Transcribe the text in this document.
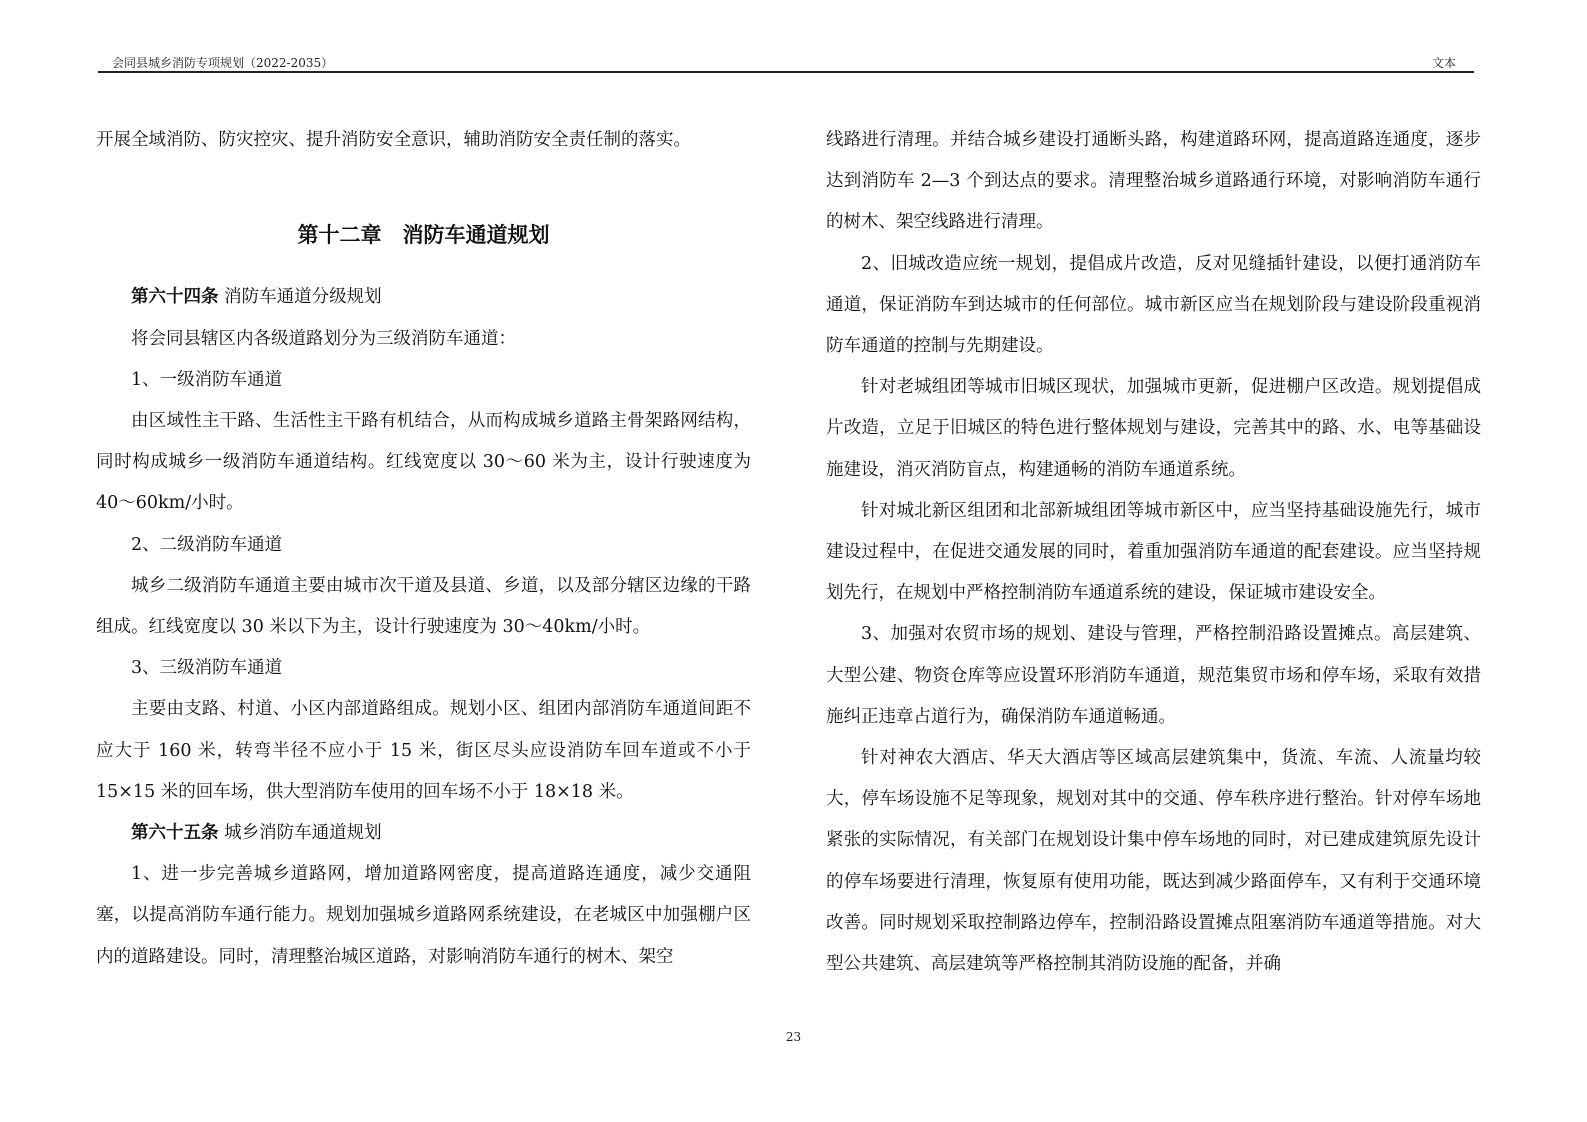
会同县城乡消防专项规划（2022-2035）	文本

开展全域消防、防灾控灾、提升消防安全意识，辅助消防安全责任制的落实。

第十二章　消防车通道规划

第六十四条 消防车通道分级规划

将会同县辖区内各级道路划分为三级消防车通道：

1、一级消防车通道

由区域性主干路、生活性主干路有机结合，从而构成城乡道路主骨架路网结构，同时构成城乡一级消防车通道结构。红线宽度以 30～60 米为主，设计行驶速度为 40～60km/小时。

2、二级消防车通道

城乡二级消防车通道主要由城市次干道及县道、乡道，以及部分辖区边缘的干路组成。红线宽度以 30 米以下为主，设计行驶速度为 30～40km/小时。

3、三级消防车通道

主要由支路、村道、小区内部道路组成。规划小区、组团内部消防车通道间距不应大于 160 米，转弯半径不应小于 15 米，街区尽头应设消防车回车道或不小于 15×15 米的回车场，供大型消防车使用的回车场不小于 18×18 米。

第六十五条 城乡消防车通道规划

1、进一步完善城乡道路网，增加道路网密度，提高道路连通度，减少交通阻塞，以提高消防车通行能力。规划加强城乡道路网系统建设，在老城区中加强棚户区内的道路建设。同时，清理整治城区道路，对影响消防车通行的树木、架空

线路进行清理。并结合城乡建设打通断头路，构建道路环网，提高道路连通度，逐步达到消防车 2—3 个到达点的要求。清理整治城乡道路通行环境，对影响消防车通行的树木、架空线路进行清理。

2、旧城改造应统一规划，提倡成片改造，反对见缝插针建设，以便打通消防车通道，保证消防车到达城市的任何部位。城市新区应当在规划阶段与建设阶段重视消防车通道的控制与先期建设。

针对老城组团等城市旧城区现状，加强城市更新，促进棚户区改造。规划提倡成片改造，立足于旧城区的特色进行整体规划与建设，完善其中的路、水、电等基础设施建设，消灭消防盲点，构建通畅的消防车通道系统。

针对城北新区组团和北部新城组团等城市新区中，应当坚持基础设施先行，城市建设过程中，在促进交通发展的同时，着重加强消防车通道的配套建设。应当坚持规划先行，在规划中严格控制消防车通道系统的建设，保证城市建设安全。

3、加强对农贸市场的规划、建设与管理，严格控制沿路设置摊点。高层建筑、大型公建、物资仓库等应设置环形消防车通道，规范集贸市场和停车场，采取有效措施纠正违章占道行为，确保消防车通道畅通。

针对神农大酒店、华天大酒店等区域高层建筑集中，货流、车流、人流量均较大，停车场设施不足等现象，规划对其中的交通、停车秩序进行整治。针对停车场地紧张的实际情况，有关部门在规划设计集中停车场地的同时，对已建成建筑原先设计的停车场要进行清理，恢复原有使用功能，既达到减少路面停车，又有利于交通环境改善。同时规划采取控制路边停车，控制沿路设置摊点阻塞消防车通道等措施。对大型公共建筑、高层建筑等严格控制其消防设施的配备，并确

23
